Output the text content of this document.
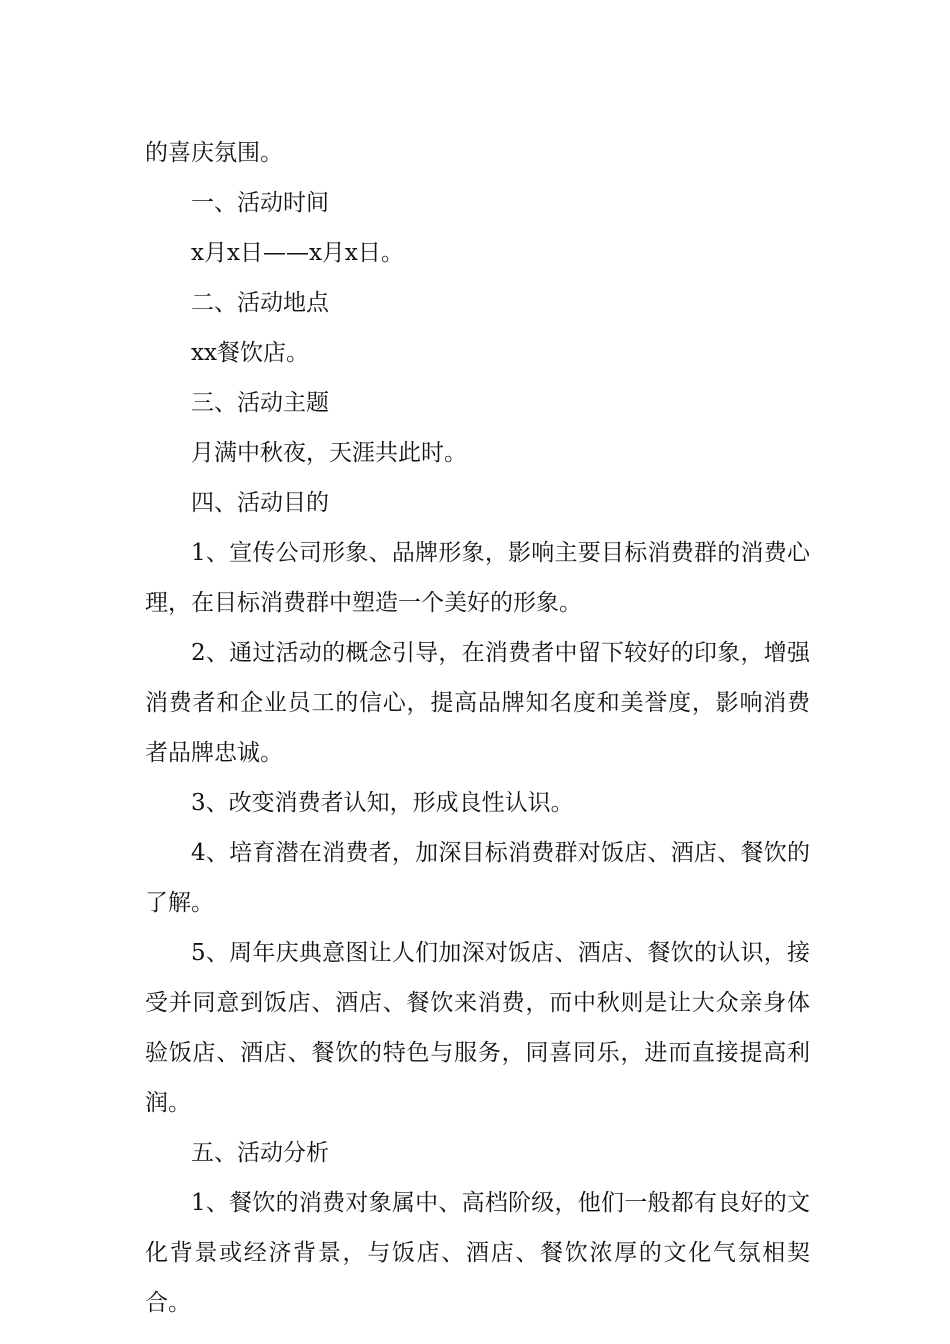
的喜庆氛围。

一、活动时间

x月x日——x月x日。

二、活动地点

xx餐饮店。

三、活动主题

月满中秋夜，天涯共此时。

四、活动目的

1、宣传公司形象、品牌形象，影响主要目标消费群的消费心理，在目标消费群中塑造一个美好的形象。

2、通过活动的概念引导，在消费者中留下较好的印象，增强消费者和企业员工的信心，提高品牌知名度和美誉度，影响消费者品牌忠诚。

3、改变消费者认知，形成良性认识。

4、培育潜在消费者，加深目标消费群对饭店、酒店、餐饮的了解。

5、周年庆典意图让人们加深对饭店、酒店、餐饮的认识，接受并同意到饭店、酒店、餐饮来消费，而中秋则是让大众亲身体验饭店、酒店、餐饮的特色与服务，同喜同乐，进而直接提高利润。

五、活动分析

1、餐饮的消费对象属中、高档阶级，他们一般都有良好的文化背景或经济背景，与饭店、酒店、餐饮浓厚的文化气氛相契合。
